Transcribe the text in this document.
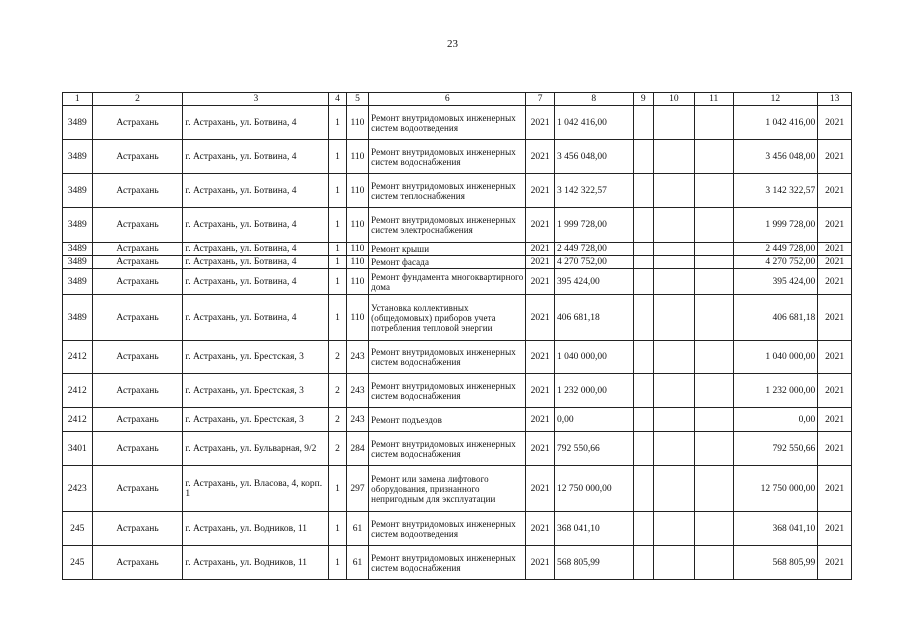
23
1	2	3	4	5	6	7	8	9	10	11	12	13
3489	Астрахань	г. Астрахань, ул. Ботвина, 4	1	110	Ремонт внутридомовых инженерных систем водоотведения	2021	1 042 416,00				1 042 416,00	2021
3489	Астрахань	г. Астрахань, ул. Ботвина, 4	1	110	Ремонт внутридомовых инженерных систем водоснабжения	2021	3 456 048,00				3 456 048,00	2021
3489	Астрахань	г. Астрахань, ул. Ботвина, 4	1	110	Ремонт внутридомовых инженерных систем теплоснабжения	2021	3 142 322,57				3 142 322,57	2021
3489	Астрахань	г. Астрахань, ул. Ботвина, 4	1	110	Ремонт внутридомовых инженерных систем электроснабжения	2021	1 999 728,00				1 999 728,00	2021
3489	Астрахань	г. Астрахань, ул. Ботвина, 4	1	110	Ремонт крыши	2021	2 449 728,00				2 449 728,00	2021
3489	Астрахань	г. Астрахань, ул. Ботвина, 4	1	110	Ремонт фасада	2021	4 270 752,00				4 270 752,00	2021
3489	Астрахань	г. Астрахань, ул. Ботвина, 4	1	110	Ремонт фундамента многоквартирного дома	2021	395 424,00				395 424,00	2021
3489	Астрахань	г. Астрахань, ул. Ботвина, 4	1	110	Установка коллективных (общедомовых) приборов учета потребления тепловой энергии	2021	406 681,18				406 681,18	2021
2412	Астрахань	г. Астрахань, ул. Брестская, 3	2	243	Ремонт внутридомовых инженерных систем водоснабжения	2021	1 040 000,00				1 040 000,00	2021
2412	Астрахань	г. Астрахань, ул. Брестская, 3	2	243	Ремонт внутридомовых инженерных систем водоснабжения	2021	1 232 000,00				1 232 000,00	2021
2412	Астрахань	г. Астрахань, ул. Брестская, 3	2	243	Ремонт подъездов	2021	0,00				0,00	2021
3401	Астрахань	г. Астрахань, ул. Бульварная, 9/2	2	284	Ремонт внутридомовых инженерных систем водоснабжения	2021	792 550,66				792 550,66	2021
2423	Астрахань	г. Астрахань, ул. Власова, 4, корп. 1	1	297	Ремонт или замена лифтового оборудования, признанного непригодным для эксплуатации	2021	12 750 000,00				12 750 000,00	2021
245	Астрахань	г. Астрахань, ул. Водников, 11	1	61	Ремонт внутридомовых инженерных систем водоотведения	2021	368 041,10				368 041,10	2021
245	Астрахань	г. Астрахань, ул. Водников, 11	1	61	Ремонт внутридомовых инженерных систем водоснабжения	2021	568 805,99				568 805,99	2021
